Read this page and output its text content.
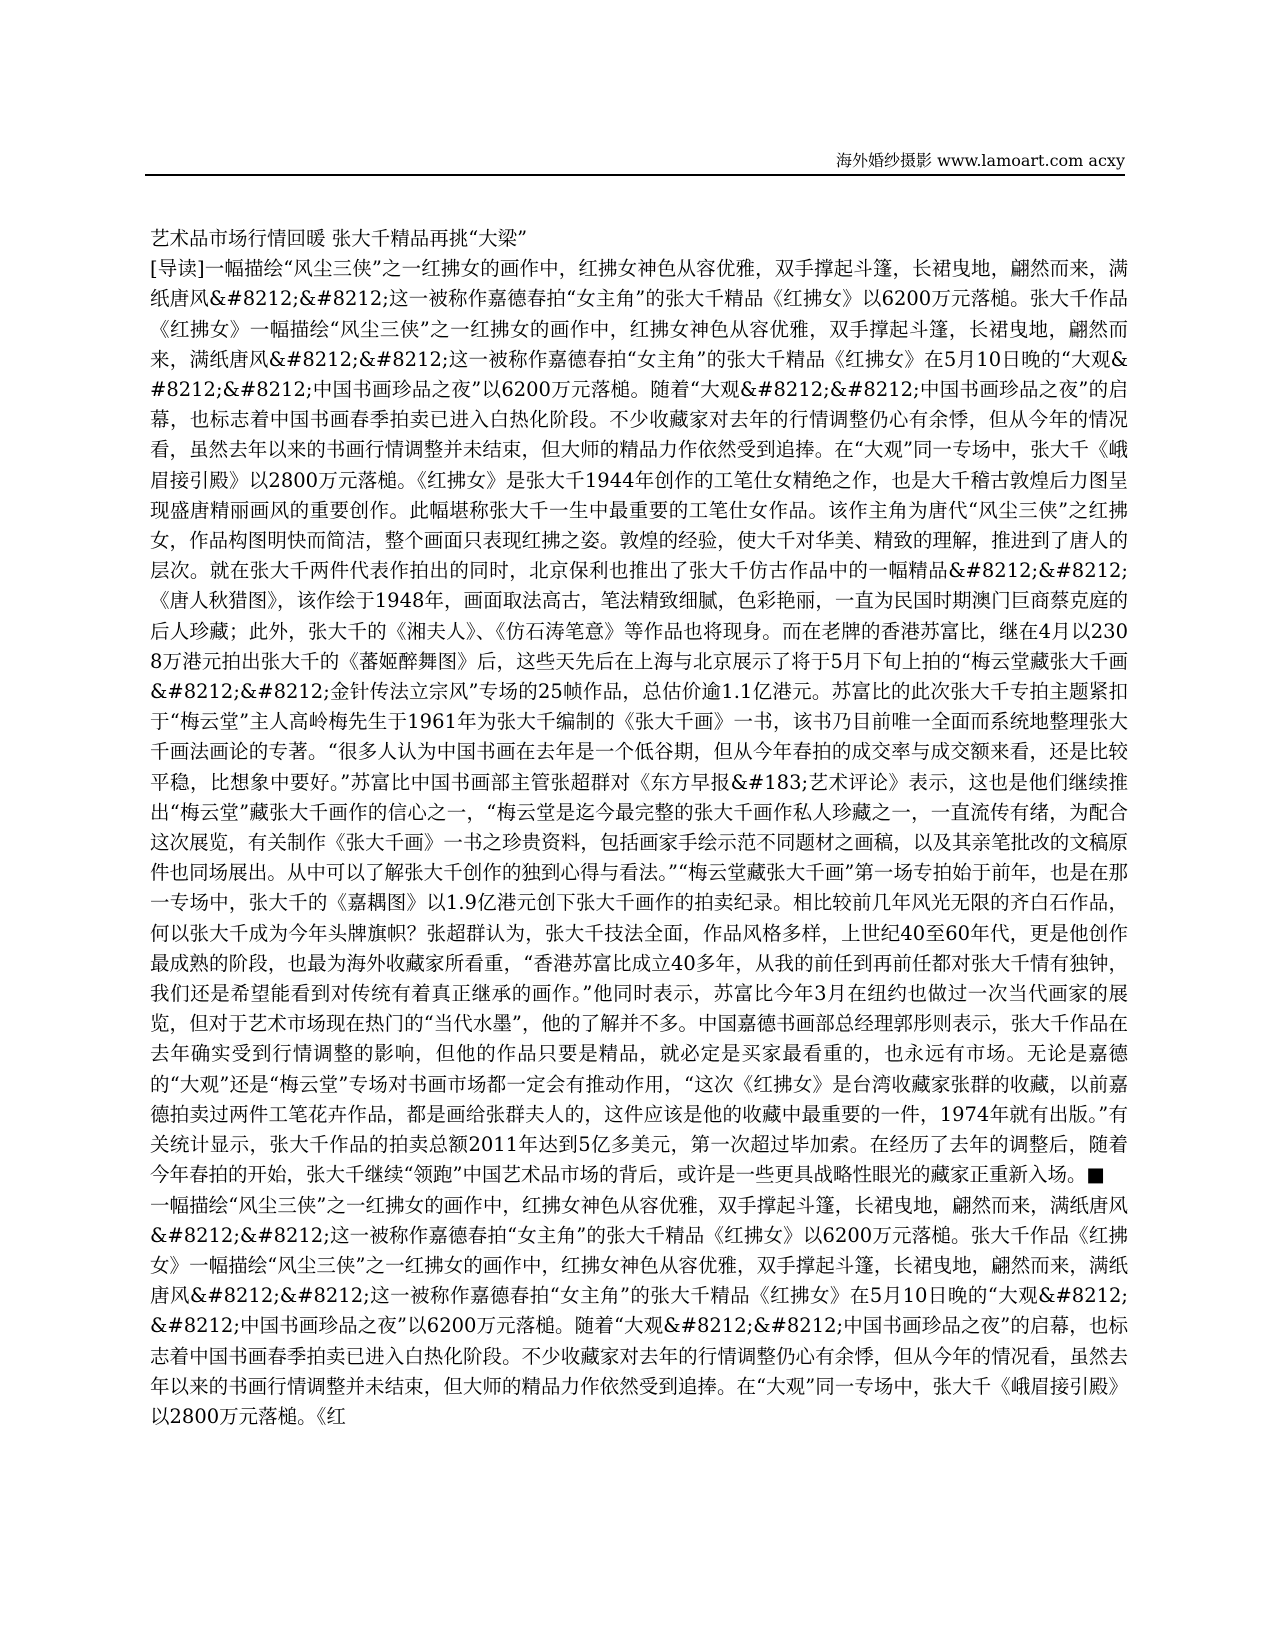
海外婚纱摄影 www.lamoart.com acxy

艺术品市场行情回暖 张大千精品再挑“大梁”

[导读]一幅描绘“风尘三侠”之一红拂女的画作中，红拂女神色从容优雅，双手撑起斗篷，长裙曳地，翩然而来，满纸唐风&#8212;&#8212;这一被称作嘉德春拍“女主角”的张大千精品《红拂女》以6200万元落槌。张大千作品《红拂女》一幅描绘“风尘三侠”之一红拂女的画作中，红拂女神色从容优雅，双手撑起斗篷，长裙曳地，翩然而来，满纸唐风&#8212;&#8212;这一被称作嘉德春拍“女主角”的张大千精品《红拂女》在5月10日晚的“大观&#8212;&#8212;中国书画珍品之夜”以6200万元落槌。随着“大观&#8212;&#8212;中国书画珍品之夜”的启幕，也标志着中国书画春季拍卖已进入白热化阶段。不少收藏家对去年的行情调整仍心有余悸，但从今年的情况看，虽然去年以来的书画行情调整并未结束，但大师的精品力作依然受到追捧。在“大观”同一专场中，张大千《峨眉接引殿》以2800万元落槌。《红拂女》是张大千1944年创作的工笔仕女精绝之作，也是大千稽古敦煌后力图呈现盛唐精丽画风的重要创作。此幅堪称张大千一生中最重要的工笔仕女作品。该作主角为唐代“风尘三侠”之红拂女，作品构图明快而简洁，整个画面只表现红拂之姿。敦煌的经验，使大千对华美、精致的理解，推进到了唐人的层次。就在张大千两件代表作拍出的同时，北京保利也推出了张大千仿古作品中的一幅精品&#8212;&#8212;《唐人秋猎图》，该作绘于1948年，画面取法高古，笔法精致细腻，色彩艳丽，一直为民国时期澳门巨商蔡克庭的后人珍藏；此外，张大千的《湘夫人》、《仿石涛笔意》等作品也将现身。而在老牌的香港苏富比，继在4月以2308万港元拍出张大千的《蕃姬醉舞图》后，这些天先后在上海与北京展示了将于5月下旬上拍的“梅云堂藏张大千画&#8212;&#8212;金针传法立宗风”专场的25帧作品，总估价逾1.1亿港元。苏富比的此次张大千专拍主题紧扣于“梅云堂”主人高岭梅先生于1961年为张大千编制的《张大千画》一书，该书乃目前唯一全面而系统地整理张大千画法画论的专著。“很多人认为中国书画在去年是一个低谷期，但从今年春拍的成交率与成交额来看，还是比较平稳，比想象中要好。”苏富比中国书画部主管张超群对《东方早报&#183;艺术评论》表示，这也是他们继续推出“梅云堂”藏张大千画作的信心之一，“梅云堂是迄今最完整的张大千画作私人珍藏之一，一直流传有绪，为配合这次展览，有关制作《张大千画》一书之珍贵资料，包括画家手绘示范不同题材之画稿，以及其亲笔批改的文稿原件也同场展出。从中可以了解张大千创作的独到心得与看法。”“梅云堂藏张大千画”第一场专拍始于前年，也是在那一专场中，张大千的《嘉耦图》以1.9亿港元创下张大千画作的拍卖纪录。相比较前几年风光无限的齐白石作品，何以张大千成为今年头牌旗帜？张超群认为，张大千技法全面，作品风格多样，上世纪40至60年代，更是他创作最成熟的阶段，也最为海外收藏家所看重，“香港苏富比成立40多年，从我的前任到再前任都对张大千情有独钟，我们还是希望能看到对传统有着真正继承的画作。”他同时表示，苏富比今年3月在纽约也做过一次当代画家的展览，但对于艺术市场现在热门的“当代水墨”，他的了解并不多。中国嘉德书画部总经理郭彤则表示，张大千作品在去年确实受到行情调整的影响，但他的作品只要是精品，就必定是买家最看重的，也永远有市场。无论是嘉德的“大观”还是“梅云堂”专场对书画市场都一定会有推动作用，“这次《红拂女》是台湾收藏家张群的收藏，以前嘉德拍卖过两件工笔花卉作品，都是画给张群夫人的，这件应该是他的收藏中最重要的一件，1974年就有出版。”有关统计显示，张大千作品的拍卖总额2011年达到5亿多美元，第一次超过毕加索。在经历了去年的调整后，随着今年春拍的开始，张大千继续“领跑”中国艺术品市场的背后，或许是一些更具战略性眼光的藏家正重新入场。■

一幅描绘“风尘三侠”之一红拂女的画作中，红拂女神色从容优雅，双手撑起斗篷，长裙曳地，翩然而来，满纸唐风&#8212;&#8212;这一被称作嘉德春拍“女主角”的张大千精品《红拂女》以6200万元落槌。张大千作品《红拂女》一幅描绘“风尘三侠”之一红拂女的画作中，红拂女神色从容优雅，双手撑起斗篷，长裙曳地，翩然而来，满纸唐风&#8212;&#8212;这一被称作嘉德春拍“女主角”的张大千精品《红拂女》在5月10日晚的“大观&#8212;&#8212;中国书画珍品之夜”以6200万元落槌。随着“大观&#8212;&#8212;中国书画珍品之夜”的启幕，也标志着中国书画春季拍卖已进入白热化阶段。不少收藏家对去年的行情调整仍心有余悸，但从今年的情况看，虽然去年以来的书画行情调整并未结束，但大师的精品力作依然受到追捧。在“大观”同一专场中，张大千《峨眉接引殿》以2800万元落槌。《红
